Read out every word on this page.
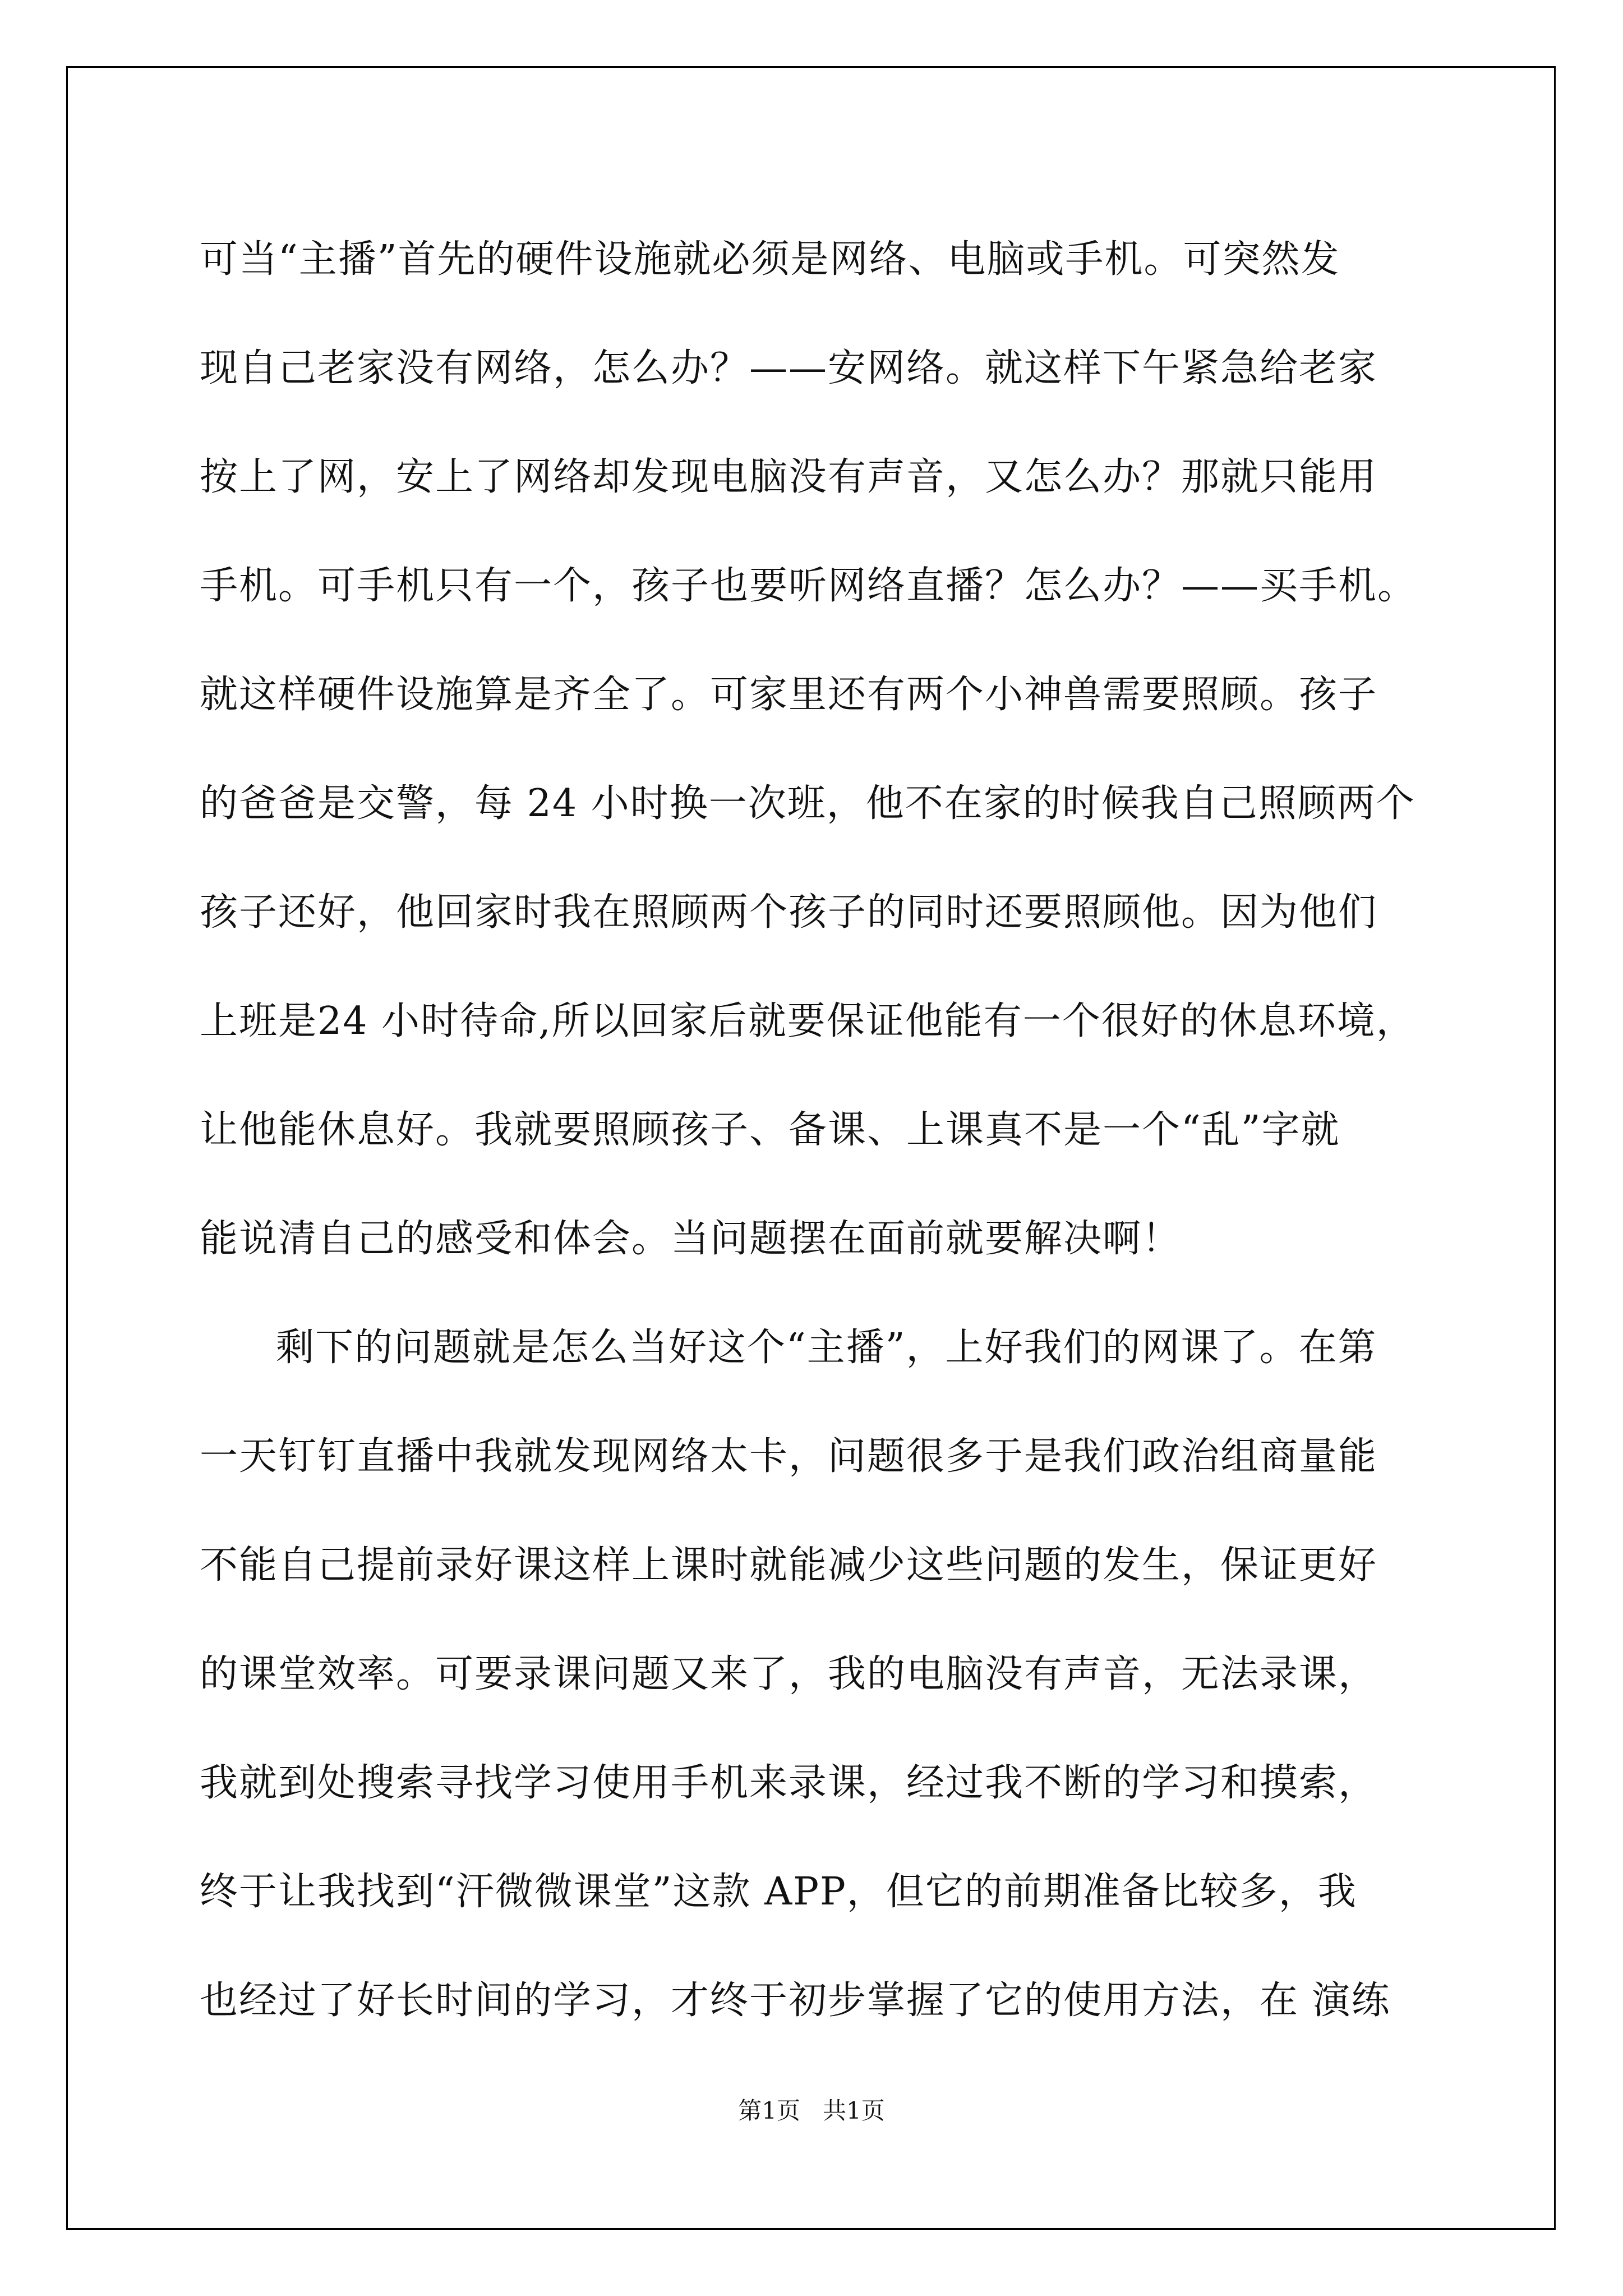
可当“主播”首先的硬件设施就必须是网络、电脑或手机。可突然发
现自己老家没有网络，怎么办？——安网络。就这样下午紧急给老家
按上了网，安上了网络却发现电脑没有声音，又怎么办？那就只能用
手机。可手机只有一个，孩子也要听网络直播？怎么办？——买手机。
就这样硬件设施算是齐全了。可家里还有两个小神兽需要照顾。孩子
的爸爸是交警，每 24 小时换一次班，他不在家的时候我自己照顾两个
孩子还好，他回家时我在照顾两个孩子的同时还要照顾他。因为他们
上班是24 小时待命,所以回家后就要保证他能有一个很好的休息环境，
让他能休息好。我就要照顾孩子、备课、上课真不是一个“乱”字就
能说清自己的感受和体会。当问题摆在面前就要解决啊！
剩下的问题就是怎么当好这个“主播”，上好我们的网课了。在第
一天钉钉直播中我就发现网络太卡，问题很多于是我们政治组商量能
不能自己提前录好课这样上课时就能减少这些问题的发生，保证更好
的课堂效率。可要录课问题又来了，我的电脑没有声音，无法录课，
我就到处搜索寻找学习使用手机来录课，经过我不断的学习和摸索，
终于让我找到“汗微微课堂”这款 APP，但它的前期准备比较多，我
也经过了好长时间的学习，才终于初步掌握了它的使用方法，在 演练
第1页   共1页
